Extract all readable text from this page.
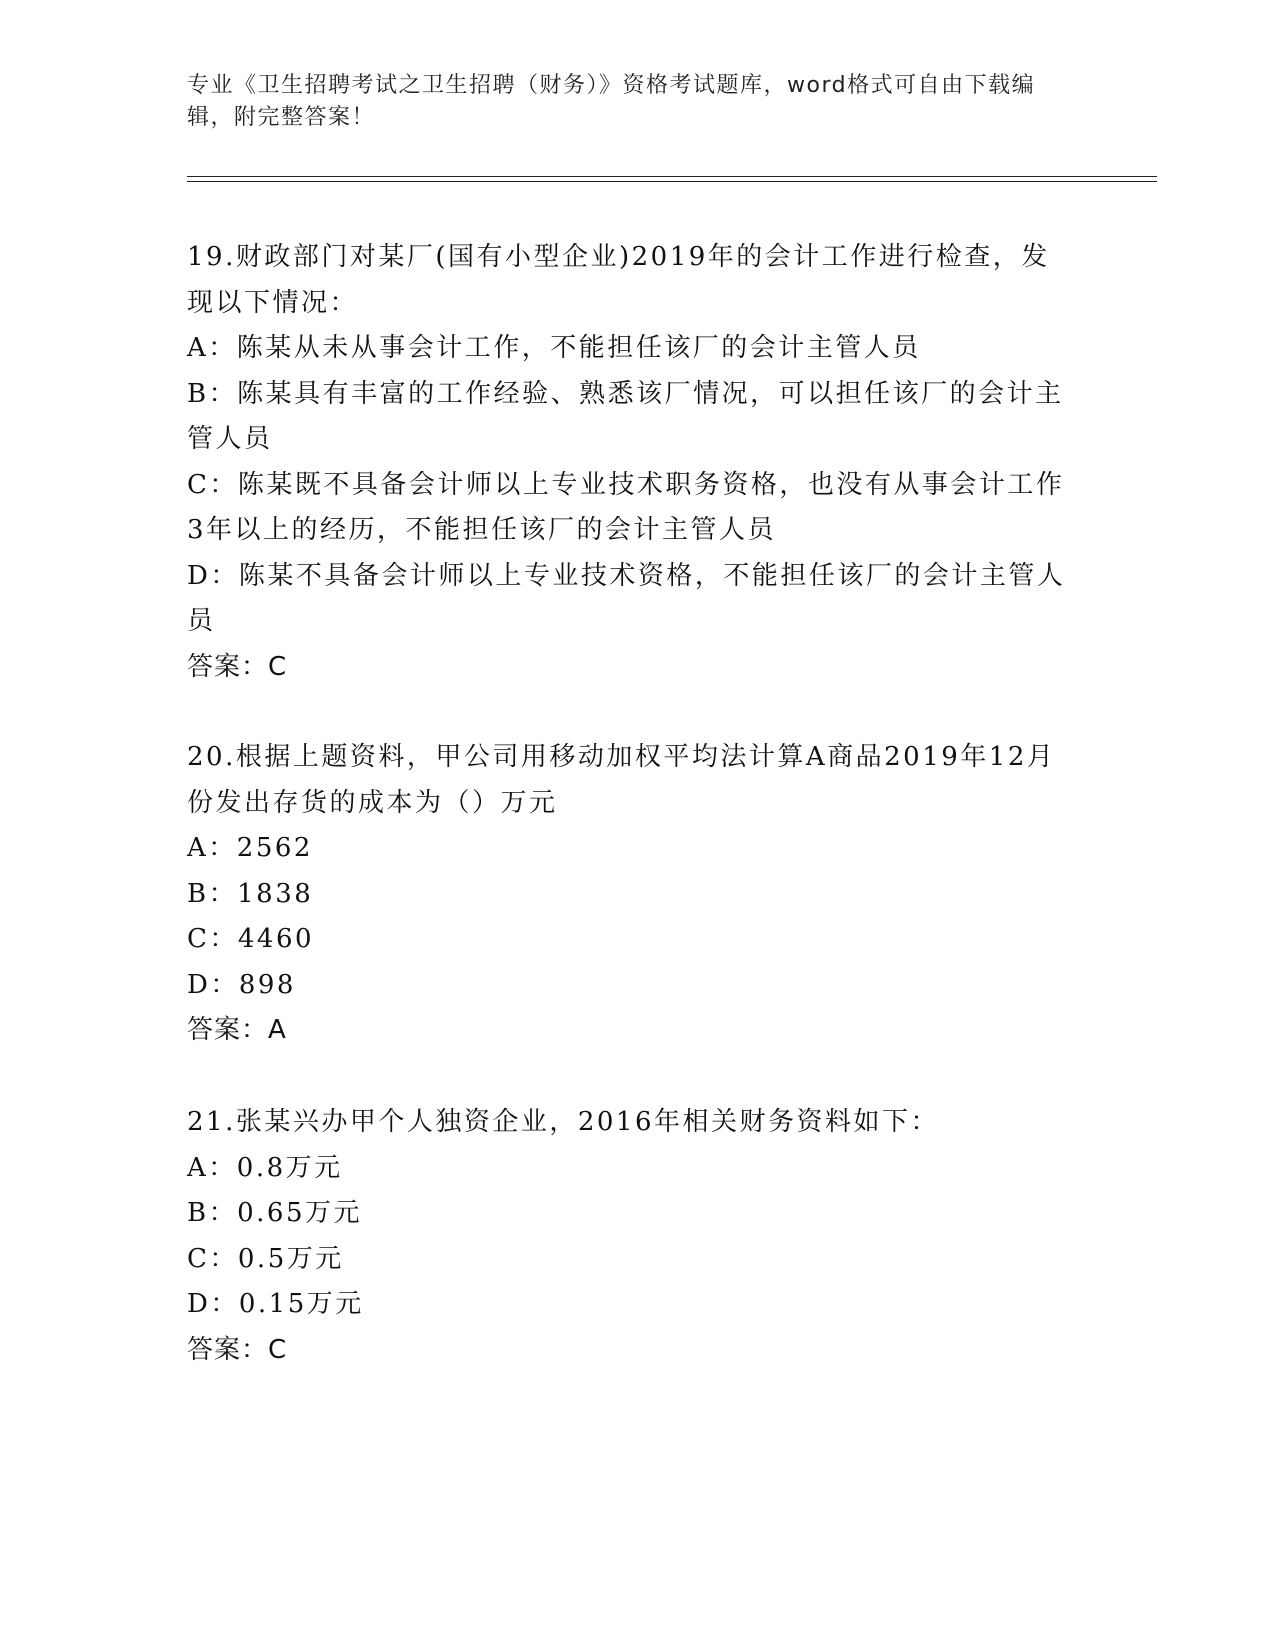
专业《卫生招聘考试之卫生招聘（财务）》资格考试题库，word格式可自由下载编辑，附完整答案！

19.财政部门对某厂(国有小型企业)2019年的会计工作进行检查，发现以下情况：

A：陈某从未从事会计工作，不能担任该厂的会计主管人员

B：陈某具有丰富的工作经验、熟悉该厂情况，可以担任该厂的会计主管人员

C：陈某既不具备会计师以上专业技术职务资格，也没有从事会计工作3年以上的经历，不能担任该厂的会计主管人员

D：陈某不具备会计师以上专业技术资格，不能担任该厂的会计主管人员

答案：C

20.根据上题资料，甲公司用移动加权平均法计算A商品2019年12月份发出存货的成本为（）万元

A：2562

B：1838

C：4460

D：898

答案：A

21.张某兴办甲个人独资企业，2016年相关财务资料如下：

A：0.8万元

B：0.65万元

C：0.5万元

D：0.15万元

答案：C
